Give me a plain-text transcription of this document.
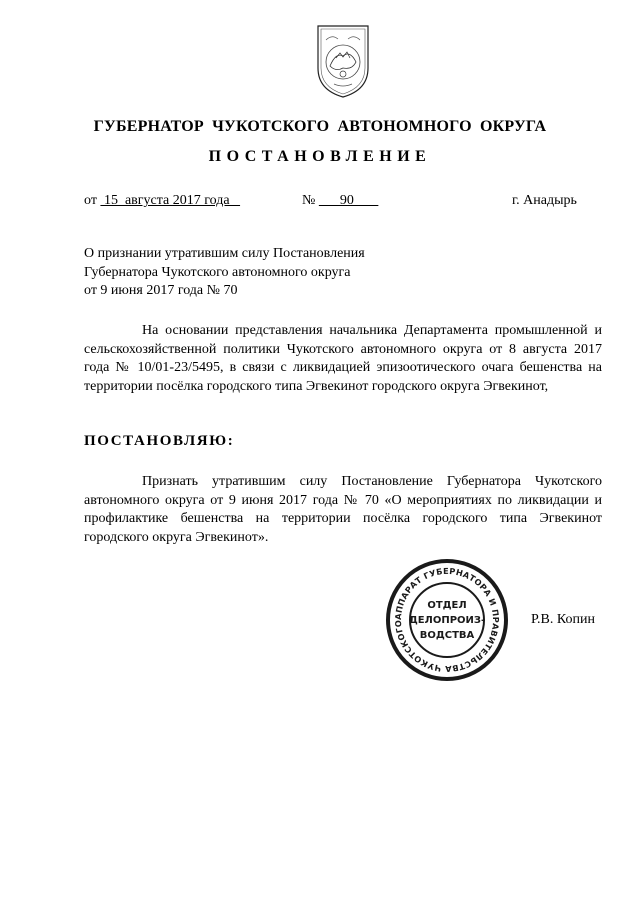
ГУБЕРНАТОР ЧУКОТСКОГО АВТОНОМНОГО ОКРУГА
ПОСТАНОВЛЕНИЕ
от  15  августа 2017 года	№       90	г. Анадырь
О признании утратившим силу Постановления
Губернатора Чукотского автономного округа
от 9 июня 2017 года № 70
На основании представления начальника Департамента промышленной и сельскохозяйственной политики Чукотского автономного округа от 8 августа 2017 года № 10/01-23/5495, в связи с ликвидацией эпизоотического очага бешенства на территории посёлка городского типа Эгвекинот городского округа Эгвекинот,
ПОСТАНОВЛЯЮ:
Признать утратившим силу Постановление Губернатора Чукотского автономного округа от 9 июня 2017 года № 70 «О мероприятиях по ликвидации и профилактике бешенства на территории посёлка городского типа Эгвекинот городского округа Эгвекинот».
АППАРАТ ГУБЕРНАТОРА И ПРАВИТЕЛЬСТВА ЧУКОТСКОГО
ОТДЕЛ
ДЕЛОПРОИЗ-
ВОДСТВА
Р.В. Копин
